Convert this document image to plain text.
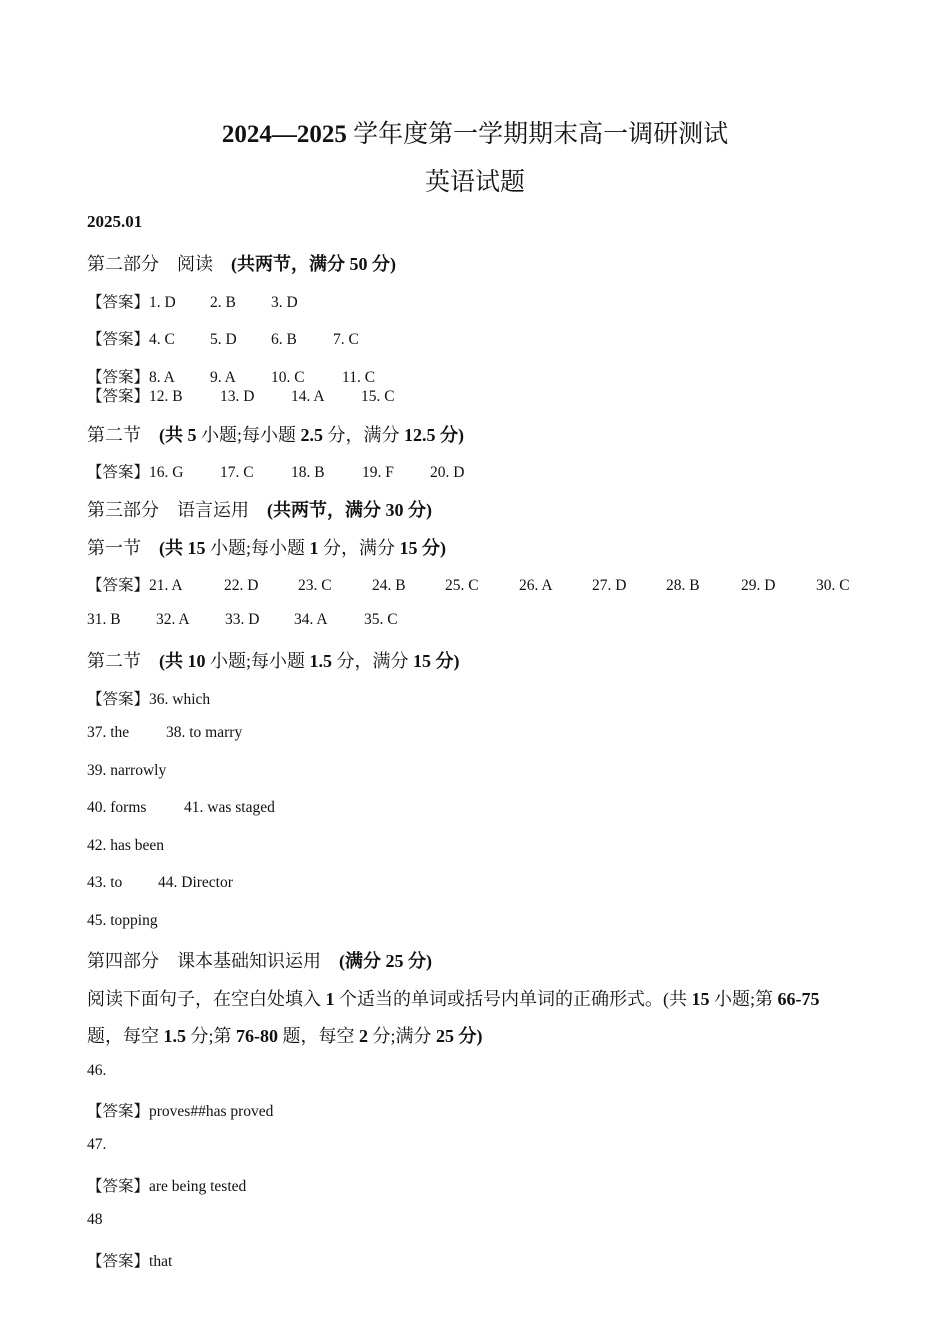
2024—2025 学年度第一学期期末高一调研测试
英语试题
2025.01
第二部分　阅读　(共两节，满分 50 分)
【答案】1. D 2. B 3. D
【答案】4. C 5. D 6. B 7. C
【答案】8. A 9. A 10. C 11. C
【答案】12. B 13. D 14. A 15. C
第二节　(共 5 小题;每小题 2.5 分，满分 12.5 分)
【答案】16. G 17. C 18. B 19. F 20. D
第三部分　语言运用　(共两节，满分 30 分)
第一节　(共 15 小题;每小题 1 分，满分 15 分)
【答案】21. A	22. D	23. C	24. B	25. C	26. A	27. D	28. B	29. D	30. C
31. B 32. A 33. D 34. A 35. C
第二节　(共 10 小题;每小题 1.5 分，满分 15 分)
【答案】36. which
37. the 38. to marry
39. narrowly
40. forms 41. was staged
42. has been
43. to 44. Director
45. topping
第四部分　课本基础知识运用　(满分 25 分)
阅读下面句子，在空白处填入 1 个适当的单词或括号内单词的正确形式。(共 15 小题;第 66-75
题，每空 1.5 分;第 76-80 题，每空 2 分;满分 25 分)
46.
【答案】proves##has proved
47.
【答案】are being tested
48
【答案】that
